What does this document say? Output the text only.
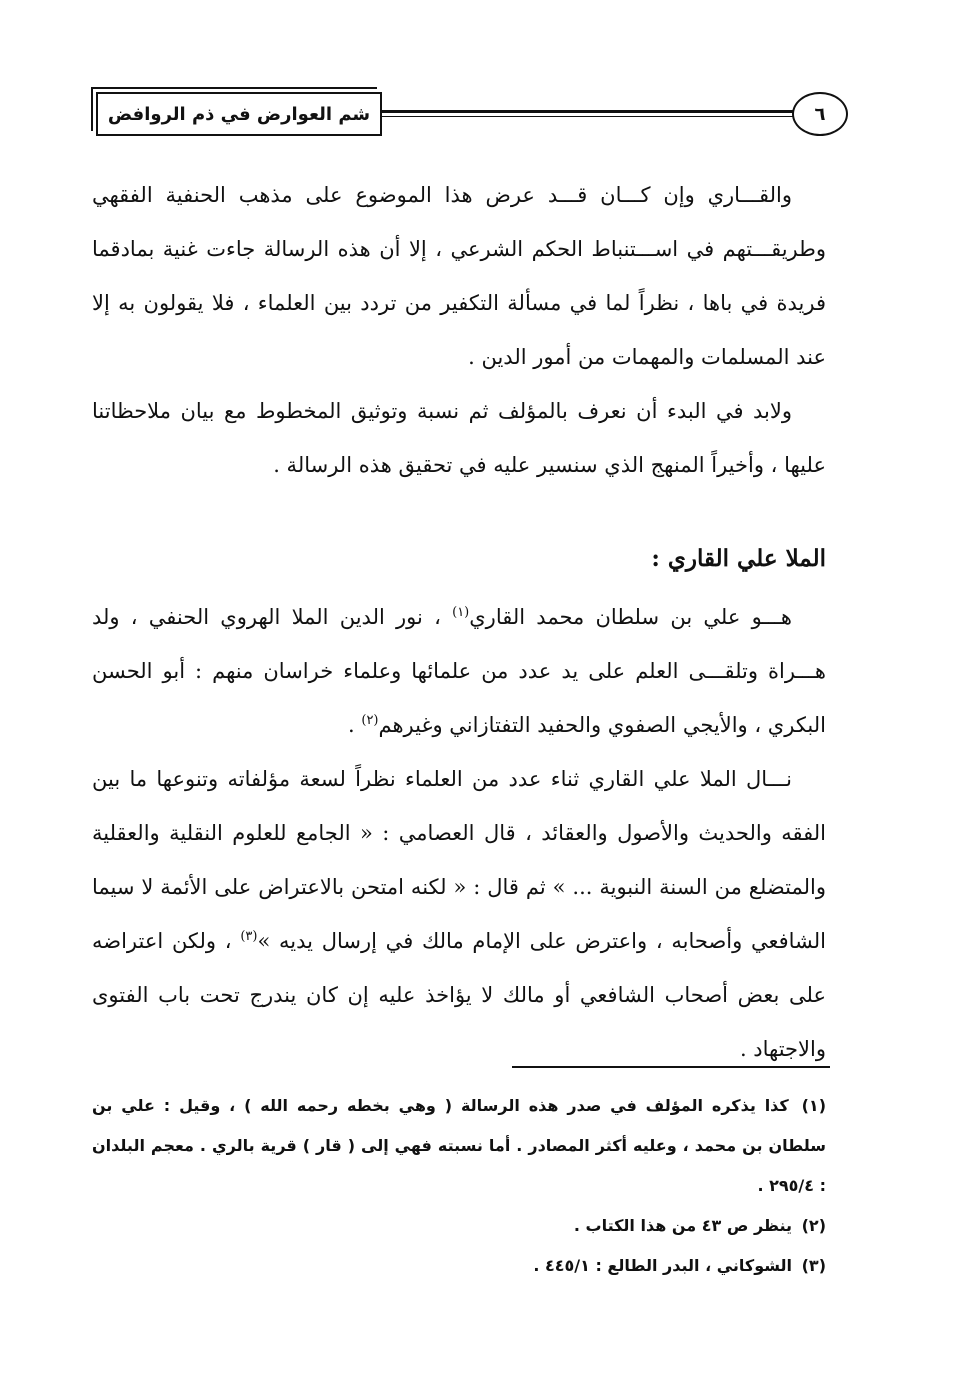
شم العوارض في ذم الروافض	٦

والقـــاري وإن كـــان قـــد عرض هذا الموضوع على مذهب الحنفية الفقهي وطريقـــتهم في اســـتنباط الحكم الشرعي ، إلا أن هذه الرسالة جاءت غنية بمادقما فريدة في باها ، نظراً لما في مسألة التكفير من تردد بين العلماء ، فلا يقولون به إلا عند المسلمات والمهمات من أمور الدين .

ولابد في البدء أن نعرف بالمؤلف ثم نسبة وتوثيق المخطوط مع بيان ملاحظاتنا عليها ، وأخيراً المنهج الذي سنسير عليه في تحقيق هذه الرسالة .

الملا علي القاري :

هـــو علي بن سلطان محمد القاري$^{(١)}$ ، نور الدين الملا الهروي الحنفي ، ولد هـــراة وتلقـــى العلم على يد عدد من علمائها وعلماء خراسان منهم : أبو الحسن البكري ، والأيجي الصفوي والحفيد التفتازاني وغيرهم$^{(٢)}$ .

نـــال الملا علي القاري ثناء عدد من العلماء نظراً لسعة مؤلفاته وتنوعها ما بين الفقه والحديث والأصول والعقائد ، قال العصامي : « الجامع للعلوم النقلية والعقلية والمتضلع من السنة النبوية ... » ثم قال : « لكنه امتحن بالاعتراض على الأئمة لا سيما الشافعي وأصحابه ، واعترض على الإمام مالك في إرسال يديه »$^{(٣)}$ ، ولكن اعتراضه على بعض أصحاب الشافعي أو مالك لا يؤاخذ عليه إن كان يندرج تحت باب الفتوى والاجتهاد .

(١) كذا يذكره المؤلف في صدر هذه الرسالة ( وهي بخطه رحمه الله ) ، وقيل : علي بن سلطان بن محمد ، وعليه أكثر المصادر . أما نسبته فهي إلى ( قار ) قرية بالري . معجم البلدان : ٢٩٥/٤ .
(٢) ينظر ص ٤٣ من هذا الكتاب .
(٣) الشوكاني ، البدر الطالع : ٤٤٥/١ .
